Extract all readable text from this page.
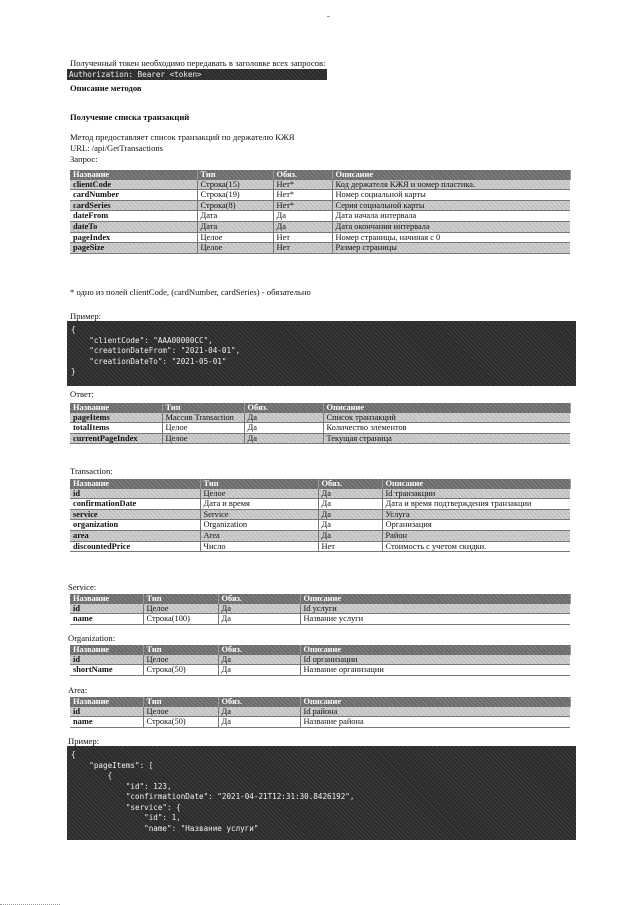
Полученный токен необходимо передавать в заголовке всех запросов:
Authorization: Bearer <token>
Описание методов
Получение списка транзакций
Метод предоставляет список транзакций по держателю КЖЯ
URL: /api/GetTransactions
Запрос:
Название	Тип	Обяз.	Описание
clientCode	Строка(15)	Нет*	Код держателя КЖЯ и номер пластика.
cardNumber	Строка(19)	Нет*	Номер социальной карты
cardSeries	Строка(8)	Нет*	Серия социальной карты
dateFrom	Дата	Да	Дата начала интервала
dateTo	Дата	Да	Дата окончания интервала
pageIndex	Целое	Нет	Номер страницы, начиная с 0
pageSize	Целое	Нет	Размер страницы
* одно из полей clientCode, (cardNumber, cardSeries) - обязательно
Пример:
{
"clientCode": "AAA00000CC",
"creationDateFrom": "2021-04-01",
"creationDateTo": "2021-05-01"
}
Ответ:
Название	Тип	Обяз.	Описание
pageItems	Массив Transaction	Да	Список транзакций
totalItems	Целое	Да	Количество элементов
currentPageIndex	Целое	Да	Текущая страница
Transaction:
Название	Тип	Обяз.	Описание
id	Целое	Да	Id транзакции
confirmationDate	Дата и время	Да	Дата и время подтверждения транзакции
service	Service	Да	Услуга
organization	Organization	Да	Организация
area	Area	Да	Район
discountedPrice	Число	Нет	Стоимость с учетом скидки.
Service:
Название	Тип	Обяз.	Описание
id	Целое	Да	Id услуги
name	Строка(100)	Да	Название услуги
Organization:
Название	Тип	Обяз.	Описание
id	Целое	Да	Id организации
shortName	Строка(50)	Да	Название организации
Area:
Название	Тип	Обяз.	Описание
id	Целое	Да	Id района
name	Строка(50)	Да	Название района
Пример:
{
"pageItems": [
{
"id": 123,
"confirmationDate": "2021-04-21T12:31:30.8426192",
"service": {
"id": 1,
"name": "Название услуги"
